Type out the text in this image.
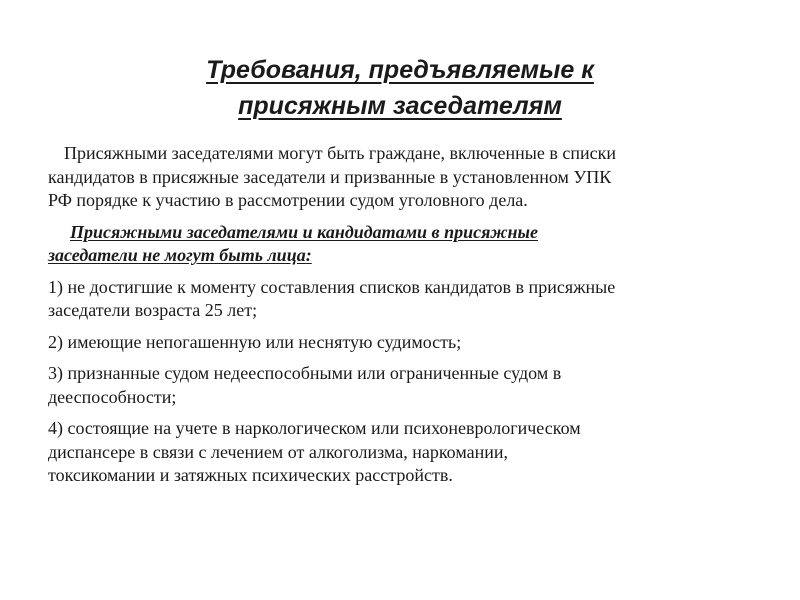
Требования, предъявляемые к
присяжным заседателям

Присяжными заседателями могут быть граждане, включенные в списки
кандидатов в присяжные заседатели и призванные в установленном УПК
РФ порядке к участию в рассмотрении судом уголовного дела.

Присяжными заседателями и кандидатами в присяжные
заседатели не могут быть лица:

1) не достигшие к моменту составления списков кандидатов в присяжные
заседатели возраста 25 лет;

2) имеющие непогашенную или неснятую судимость;

3) признанные судом недееспособными или ограниченные судом в
дееспособности;

4) состоящие на учете в наркологическом или психоневрологическом
диспансере в связи с лечением от алкоголизма, наркомании,
токсикомании и затяжных психических расстройств.
